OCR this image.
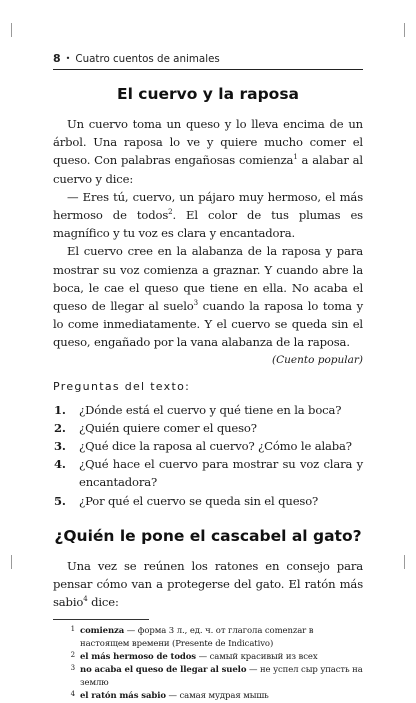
8 • Cuatro cuentos de animales
El cuervo y la raposa

Un cuervo toma un queso y lo lleva encima de un árbol. Una raposa lo ve y quiere mucho comer el queso. Con palabras engañosas comienza$^1$ a alabar al cuervo y dice:

— Eres tú, cuervo, un pájaro muy hermoso, el más hermoso de todos$^2$. El color de tus plumas es magnífico y tu voz es clara y encantadora.

El cuervo cree en la alabanza de la raposa y para mostrar su voz comienza a graznar. Y cuando abre la boca, le cae el queso que tiene en ella. No acaba el queso de llegar al suelo$^3$ cuando la raposa lo toma y lo come inmediatamente. Y el cuervo se queda sin el queso, engañado por la vana alabanza de la raposa.

(Cuento popular)
Preguntas del texto:
1.	¿Dónde está el cuervo y qué tiene en la boca?
2.	¿Quién quiere comer el queso?
3.	¿Qué dice la raposa al cuervo? ¿Cómo le alaba?
4.	¿Qué hace el cuervo para mostrar su voz clara y encantadora?
5.	¿Por qué el cuervo se queda sin el queso?
¿Quién le pone el cascabel al gato?

Una vez se reúnen los ratones en consejo para pensar cómo van a protegerse del gato. El ratón más sabio$^4$ dice:

1 comienza — форма 3 л., ед. ч. от глагола comenzar в настоящем времени (Presente de Indicativo)
2 el más hermoso de todos — самый красивый из всех
3 no acaba el queso de llegar al suelo — не успел сыр упасть на землю
4 el ratón más sabio — самая мудрая мышь
